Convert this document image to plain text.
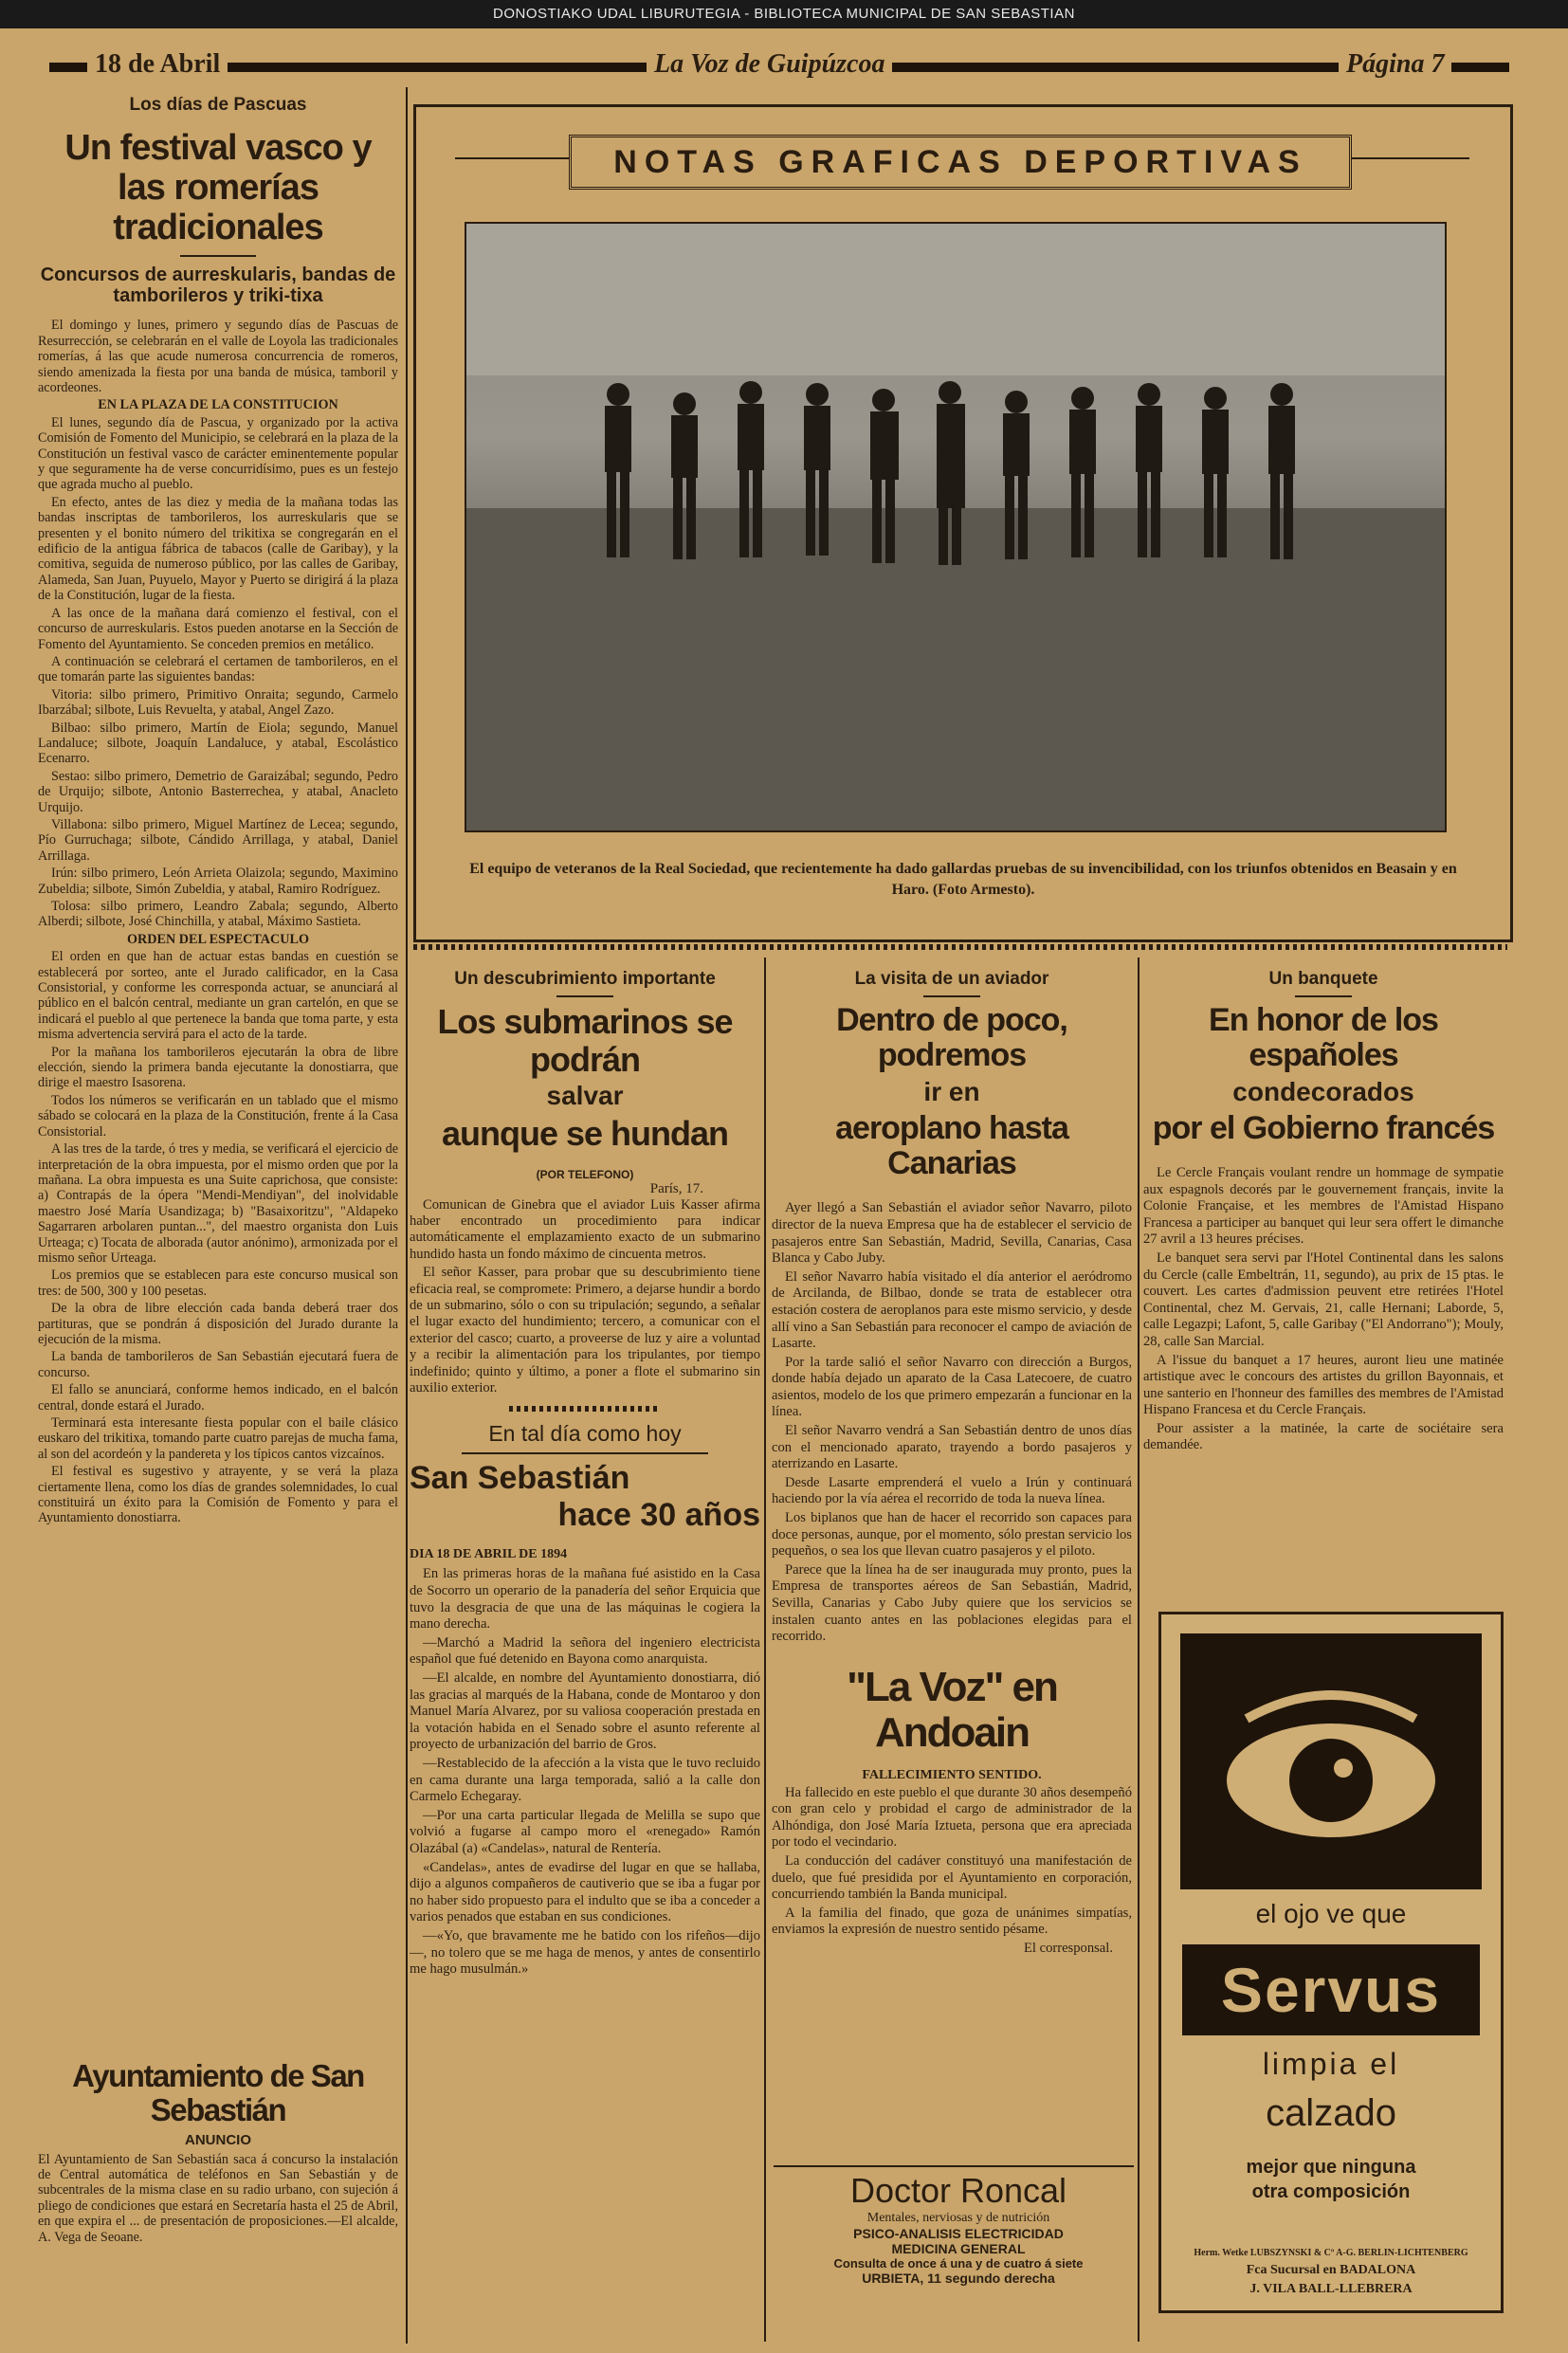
DONOSTIAKO UDAL LIBURUTEGIA - BIBLIOTECA MUNICIPAL DE SAN SEBASTIAN
18 de Abril	La Voz de Guipúzcoa	Página 7
Los días de Pascuas
Un festival vasco y las romerías tradicionales
Concursos de aurreskularis, bandas de tamborileros y triki-tixa

El domingo y lunes, primero y segundo días de Pascuas de Resurrección, se celebrarán en el valle de Loyola las tradicionales romerías, á las que acude numerosa concurrencia de romeros, siendo amenizada la fiesta por una banda de música, tamboril y acordeones.

EN LA PLAZA DE LA CONSTITUCION

El lunes, segundo día de Pascua, y organizado por la activa Comisión de Fomento del Municipio, se celebrará en la plaza de la Constitución un festival vasco de carácter eminentemente popular y que seguramente ha de verse concurridísimo, pues es un festejo que agrada mucho al pueblo.

En efecto, antes de las diez y media de la mañana todas las bandas inscriptas de tamborileros, los aurreskularis que se presenten y el bonito número del trikitixa se congregarán en el edificio de la antigua fábrica de tabacos (calle de Garibay), y la comitiva, seguida de numeroso público, por las calles de Garibay, Alameda, San Juan, Puyuelo, Mayor y Puerto se dirigirá á la plaza de la Constitución, lugar de la fiesta.

A las once de la mañana dará comienzo el festival, con el concurso de aurreskularis. Estos pueden anotarse en la Sección de Fomento del Ayuntamiento. Se conceden premios en metálico.

A continuación se celebrará el certamen de tamborileros, en el que tomarán parte las siguientes bandas:

Vitoria: silbo primero, Primitivo Onraita; segundo, Carmelo Ibarzábal; silbote, Luis Revuelta, y atabal, Angel Zazo.

Bilbao: silbo primero, Martín de Eiola; segundo, Manuel Landaluce; silbote, Joaquín Landaluce, y atabal, Escolástico Ecenarro.

Sestao: silbo primero, Demetrio de Garaizábal; segundo, Pedro de Urquijo; silbote, Antonio Basterrechea, y atabal, Anacleto Urquijo.

Villabona: silbo primero, Miguel Martínez de Lecea; segundo, Pío Gurruchaga; silbote, Cándido Arrillaga, y atabal, Daniel Arrillaga.

Irún: silbo primero, León Arrieta Olaizola; segundo, Maximino Zubeldia; silbote, Simón Zubeldia, y atabal, Ramiro Rodríguez.

Tolosa: silbo primero, Leandro Zabala; segundo, Alberto Alberdi; silbote, José Chinchilla, y atabal, Máximo Sastieta.

ORDEN DEL ESPECTACULO

El orden en que han de actuar estas bandas en cuestión se establecerá por sorteo, ante el Jurado calificador, en la Casa Consistorial, y conforme les corresponda actuar, se anunciará al público en el balcón central, mediante un gran cartelón, en que se indicará el pueblo al que pertenece la banda que toma parte, y esta misma advertencia servirá para el acto de la tarde.

Por la mañana los tamborileros ejecutarán la obra de libre elección, siendo la primera banda ejecutante la donostiarra, que dirige el maestro Isasorena.

Todos los números se verificarán en un tablado que el mismo sábado se colocará en la plaza de la Constitución, frente á la Casa Consistorial.

A las tres de la tarde, ó tres y media, se verificará el ejercicio de interpretación de la obra impuesta, por el mismo orden que por la mañana. La obra impuesta es una Suite caprichosa, que consiste: a) Contrapás de la ópera "Mendi-Mendiyan", del inolvidable maestro José María Usandizaga; b) "Basaixoritzu", "Aldapeko Sagarraren arbolaren puntan...", del maestro organista don Luis Urteaga; c) Tocata de alborada (autor anónimo), armonizada por el mismo señor Urteaga.

Los premios que se establecen para este concurso musical son tres: de 500, 300 y 100 pesetas.

De la obra de libre elección cada banda deberá traer dos partituras, que se pondrán á disposición del Jurado durante la ejecución de la misma.

La banda de tamborileros de San Sebastián ejecutará fuera de concurso.

El fallo se anunciará, conforme hemos indicado, en el balcón central, donde estará el Jurado.

Terminará esta interesante fiesta popular con el baile clásico euskaro del trikitixa, tomando parte cuatro parejas de mucha fama, al son del acordeón y la pandereta y los típicos cantos vizcaínos.

El festival es sugestivo y atrayente, y se verá la plaza ciertamente llena, como los días de grandes solemnidades, lo cual constituirá un éxito para la Comisión de Fomento y para el Ayuntamiento donostiarra.

Ayuntamiento de San Sebastián
ANUNCIO
El Ayuntamiento de San Sebastián saca á concurso la instalación de Central automática de teléfonos en San Sebastián y de subcentrales de la misma clase en su radio urbano, con sujeción á pliego de condiciones que estará en Secretaría hasta el 25 de Abril, en que expira el ... de presentación de proposiciones.—El alcalde, A. Vega de Seoane.
NOTAS GRAFICAS DEPORTIVAS
El equipo de veteranos de la Real Sociedad, que recientemente ha dado gallardas pruebas de su invencibilidad, con los triunfos obtenidos en Beasain y en Haro. (Foto Armesto).
Un descubrimiento importante
Los submarinos se podrán
salvar
aunque se hundan
(POR TELEFONO)
París, 17.

Comunican de Ginebra que el aviador Luis Kasser afirma haber encontrado un procedimiento para indicar automáticamente el emplazamiento exacto de un submarino hundido hasta un fondo máximo de cincuenta metros.

El señor Kasser, para probar que su descubrimiento tiene eficacia real, se compromete: Primero, a dejarse hundir a bordo de un submarino, sólo o con su tripulación; segundo, a señalar el lugar exacto del hundimiento; tercero, a comunicar con el exterior del casco; cuarto, a proveerse de luz y aire a voluntad y a recibir la alimentación para los tripulantes, por tiempo indefinido; quinto y último, a poner a flote el submarino sin auxilio exterior.

En tal día como hoy
San Sebastián
hace 30 años
DIA 18 DE ABRIL DE 1894

En las primeras horas de la mañana fué asistido en la Casa de Socorro un operario de la panadería del señor Erquicia que tuvo la desgracia de que una de las máquinas le cogiera la mano derecha.

—Marchó a Madrid la señora del ingeniero electricista español que fué detenido en Bayona como anarquista.

—El alcalde, en nombre del Ayuntamiento donostiarra, dió las gracias al marqués de la Habana, conde de Montaroo y don Manuel María Alvarez, por su valiosa cooperación prestada en la votación habida en el Senado sobre el asunto referente al proyecto de urbanización del barrio de Gros.

—Restablecido de la afección a la vista que le tuvo recluido en cama durante una larga temporada, salió a la calle don Carmelo Echegaray.

—Por una carta particular llegada de Melilla se supo que volvió a fugarse al campo moro el «renegado» Ramón Olazábal (a) «Candelas», natural de Rentería.

«Candelas», antes de evadirse del lugar en que se hallaba, dijo a algunos compañeros de cautiverio que se iba a fugar por no haber sido propuesto para el indulto que se iba a conceder a varios penados que estaban en sus condiciones.

—«Yo, que bravamente me he batido con los rifeños—dijo—, no tolero que se me haga de menos, y antes de consentirlo me hago musulmán.»

La visita de un aviador
Dentro de poco, podremos
ir en
aeroplano hasta Canarias

Ayer llegó a San Sebastián el aviador señor Navarro, piloto director de la nueva Empresa que ha de establecer el servicio de pasajeros entre San Sebastián, Madrid, Sevilla, Canarias, Casa Blanca y Cabo Juby.

El señor Navarro había visitado el día anterior el aeródromo de Arcilanda, de Bilbao, donde se trata de establecer otra estación costera de aeroplanos para este mismo servicio, y desde allí vino a San Sebastián para reconocer el campo de aviación de Lasarte.

Por la tarde salió el señor Navarro con dirección a Burgos, donde había dejado un aparato de la Casa Latecoere, de cuatro asientos, modelo de los que primero empezarán a funcionar en la línea.

El señor Navarro vendrá a San Sebastián dentro de unos días con el mencionado aparato, trayendo a bordo pasajeros y aterrizando en Lasarte.

Desde Lasarte emprenderá el vuelo a Irún y continuará haciendo por la vía aérea el recorrido de toda la nueva línea.

Los biplanos que han de hacer el recorrido son capaces para doce personas, aunque, por el momento, sólo prestan servicio los pequeños, o sea los que llevan cuatro pasajeros y el piloto.

Parece que la línea ha de ser inaugurada muy pronto, pues la Empresa de transportes aéreos de San Sebastián, Madrid, Sevilla, Canarias y Cabo Juby quiere que los servicios se instalen cuanto antes en las poblaciones elegidas para el recorrido.

"La Voz" en Andoain
FALLECIMIENTO SENTIDO.

Ha fallecido en este pueblo el que durante 30 años desempeñó con gran celo y probidad el cargo de administrador de la Alhóndiga, don José María Iztueta, persona que era apreciada por todo el vecindario.

La conducción del cadáver constituyó una manifestación de duelo, que fué presidida por el Ayuntamiento en corporación, concurriendo también la Banda municipal.

A la familia del finado, que goza de unánimes simpatías, enviamos la expresión de nuestro sentido pésame.

El corresponsal.
Doctor Roncal
Mentales, nerviosas y de nutrición
PSICO-ANALISIS ELECTRICIDAD
MEDICINA GENERAL
Consulta de once á una y de cuatro á siete
URBIETA, 11 segundo derecha
Un banquete
En honor de los españoles
condecorados
por el Gobierno francés

Le Cercle Français voulant rendre un hommage de sympatie aux espagnols decorés par le gouvernement français, invite la Colonie Française, et les membres de l'Amistad Hispano Francesa a participer au banquet qui leur sera offert le dimanche 27 avril a 13 heures précises.

Le banquet sera servi par l'Hotel Continental dans les salons du Cercle (calle Embeltrán, 11, segundo), au prix de 15 ptas. le couvert. Les cartes d'admission peuvent etre retirées l'Hotel Continental, chez M. Gervais, 21, calle Hernani; Laborde, 5, calle Legazpi; Lafont, 5, calle Garibay ("El Andorrano"); Mouly, 28, calle San Marcial.

A l'issue du banquet a 17 heures, auront lieu une matinée artistique avec le concours des artistes du grillon Bayonnais, et une santerio en l'honneur des familles des membres de l'Amistad Hispano Francesa et du Cercle Français.

Pour assister a la matinée, la carte de sociétaire sera demandée.

el ojo ve que
Servus
limpia el
calzado
mejor que ninguna
otra composición
Herm. Wetke LUBSZYNSKI & Cº A-G. BERLIN-LICHTENBERG
Fca Sucursal en BADALONA
J. VILA BALL-LLEBRERA
